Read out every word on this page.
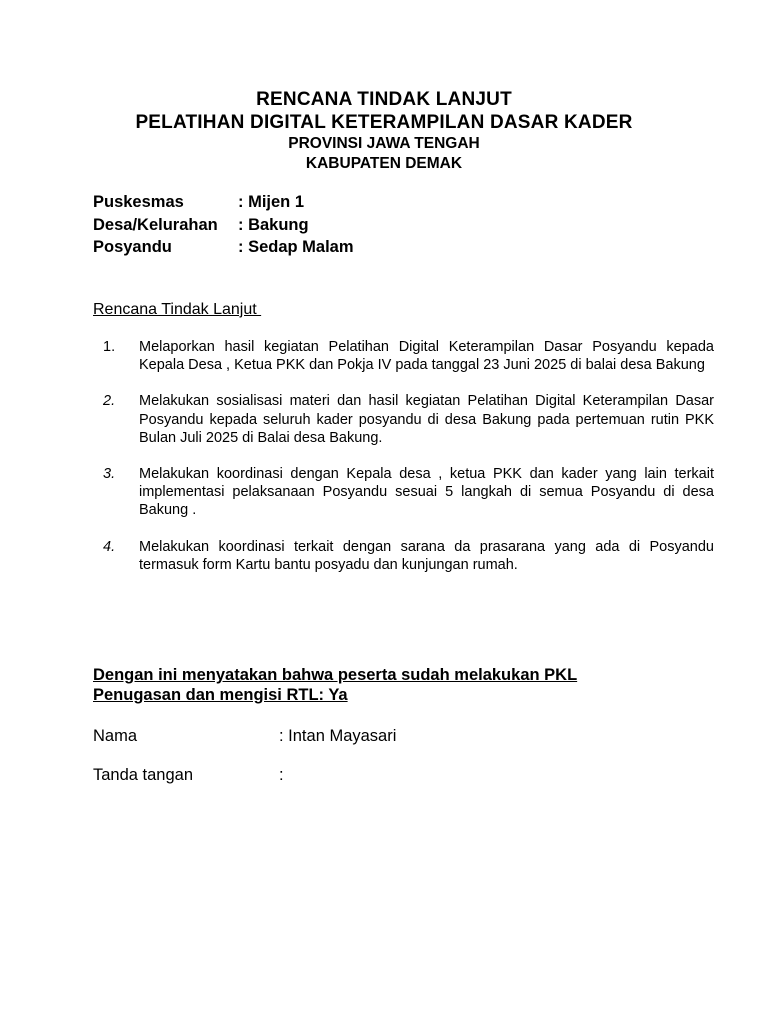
RENCANA TINDAK LANJUT
PELATIHAN DIGITAL KETERAMPILAN DASAR KADER
PROVINSI JAWA TENGAH
KABUPATEN DEMAK
Puskesmas	: Mijen 1
Desa/Kelurahan	: Bakung
Posyandu	: Sedap Malam
Rencana Tindak Lanjut
1.	Melaporkan hasil kegiatan Pelatihan Digital Keterampilan Dasar Posyandu kepada Kepala Desa , Ketua PKK dan Pokja IV pada tanggal 23 Juni 2025 di balai desa Bakung
2.	Melakukan sosialisasi materi dan hasil kegiatan Pelatihan Digital Keterampilan Dasar Posyandu kepada seluruh kader posyandu di desa Bakung pada pertemuan rutin PKK Bulan Juli 2025 di Balai desa Bakung.
3.	Melakukan koordinasi dengan Kepala desa , ketua PKK dan kader yang lain terkait implementasi pelaksanaan Posyandu sesuai 5 langkah di semua Posyandu di desa Bakung .
4.	Melakukan koordinasi terkait dengan sarana da prasarana yang ada di Posyandu termasuk form Kartu bantu posyadu dan kunjungan rumah.
Dengan ini menyatakan bahwa peserta sudah melakukan PKL Penugasan dan mengisi RTL: Ya
Nama	: Intan Mayasari
Tanda tangan	:
